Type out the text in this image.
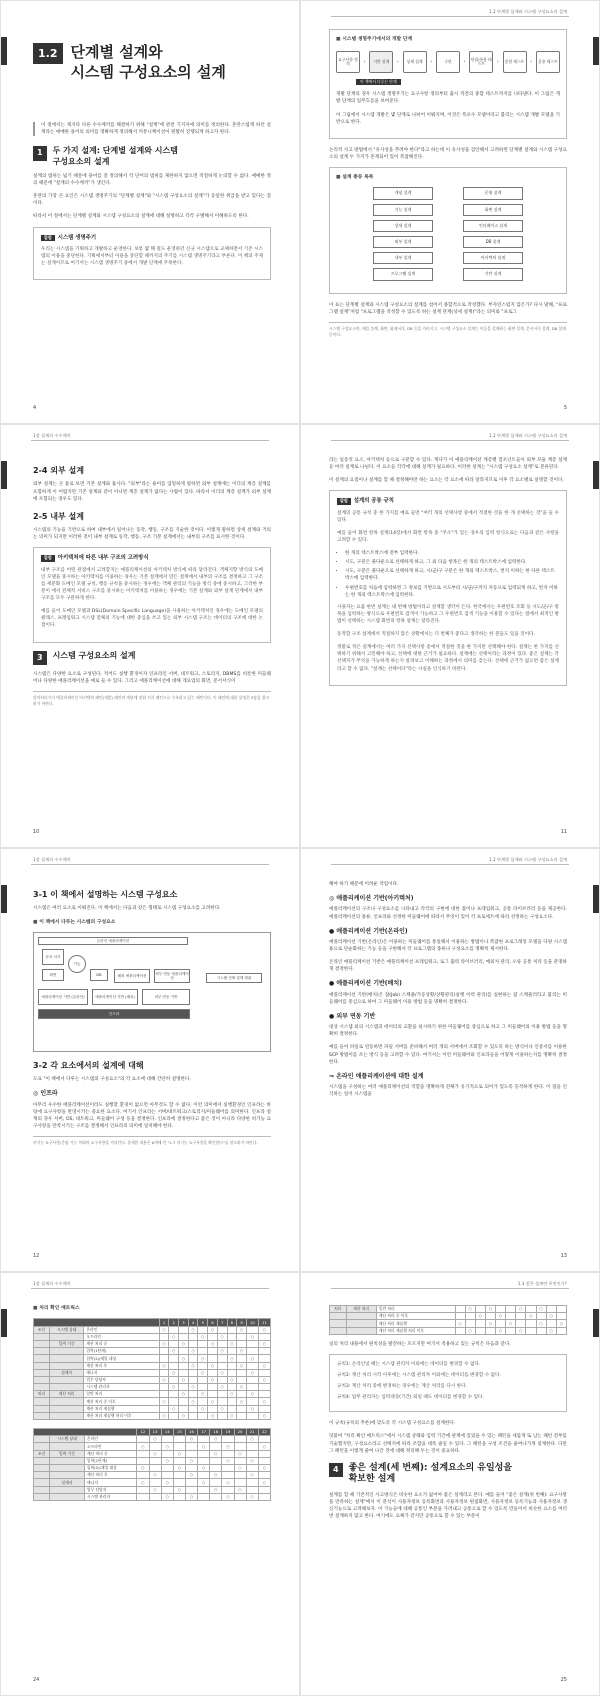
1.2 단계별 설계와
시스템 구성요소의 설계

이 절에서는 제지타 다른 수수께끼를 해결하기 위해 "설계"에 관련 기지자에 의미를 정의한다. 혼란스럽게 하던 설계라는 애매한 용어의 의미를 명확하게 정의해서 커뮤니케이션이 원활히 진행되게 하고자 한다.

1	두 가지 설계: 단계별 설계와 시스템
구성요소의 설계

설계의 범위는 넓기 때문에 용어를 잘 정의해서 각 단어의 범위를 제한하지 않으면 적절하게 논의할 수 없다. 애매한 정의 때문에 "설계의 수수께끼"가 생긴다.

혼란의 가장 큰 요인은 시스템 생명주기의 "단계별 설계"와 "시스템 구성요소의 설계"가 동일한 취급을 받고 있다는 점이다.

따라서 이 절에서는 단계별 설계와 시스템 구성요소의 설계에 대해 설명하고 각각 구별해서 이해하도록 한다.

칼럼 시스템 생명주기

우리는 시스템을 기획하고 개발하고 운영한다. 보통 몇 해 걸도 운영하던 신규 시스템으로 교체하면서 기존 시스템의 이용을 중단한다. 기획에서부터 이용을 중단할 때까지의 주기를 시스템 생명주기라고 부른다. 이 책의 주제는 설계이므로 여기서는 시스템 생명주기 중에서 개발 단계에 주목한다.

4
1.2 단계별 설계와 시스템 구성요소의 설계
■ 시스템 생명주기에서의 개발 단계
요구사항 정의	›	기반 설계	›	상세 설계	›	구현	›	단위/통합 테스트	›	종합 테스트	›	운용 테스트
이 책에서 다루는 단계

개발 단계의 경우 시스템 생명주기는 요구사항 정의부터 출시 직전의 종합 테스트까지를 나타낸다. 이 그림은 개발 단계의 업무흐름을 보여준다.

이 그림에서 시스템 개발은 몇 단계로 나뉘어 이뤄지며, 이것은 폭포수 모델이라고 불리는 시스템 개발 모델을 기반으로 한다.

논리적 사고 방법에서 "유사성을 추려야 한다"라고 하는데 이 유사성을 감안해서 고려하면 단계별 설계와 시스템 구성요소의 설계 두 가지가 혼재되어 있어 복잡해진다.

■ 설계 종류 목록
개념 설계	운영 설계
기능 설계	화면 설계
상세 설계	인터페이스 설계
외부 설계	DB 설계
내부 설계	아키텍처 설계
프로그램 설계	기반 설계

이 표는 단계별 설계와 시스템 구성요소의 설계를 섞어서 종합적으로 작성했다. 부자연스럽지 않은가? 다시 말해, "프로그램 설계"처럼 "프로그램을 작성할 수 있도록 하는 설계 단계(상세 설계)"라는 의미와 "프로그

시스템 구성요소란, 애플 플랫, 화면, 화재서식, DB 등을 가리키고, 시스템 구성요소 설계는 이들을 설계하는 화면 설계, 문서서식 설계, DB 설계 등이다.
5
1장 설계의 수수께끼
2-4 외부 설계

외부 설계는 큰 틀로 보면 기본 설계와 흡사다. "외부"라는 용어를 엄밀하게 말하면 외부 설계에는 이더의 계층 설계를 포함하게 이 어렵지만 기존 설계와 같이 아니면 계층 설계가 없다는 사람이 있다. 따라서 이더의 계층 설계가 외부 설계에 포함되는 경우도 있다.

2-5 내부 설계

시스템의 기능을 기반으로 하여 내부에서 일어나는 동작, 행동, 구조를 기술한 것이다. 이렇게 말하면 상세 설계와 거의는 의미가 되지만 이러한 것이 내부 설계로 동작, 행동, 구조 기본 설계에서는 내부의 구조를 표시한 것이다.

칼럼 아키텍처에 따른 내부 구조의 고려방식

내부 구조를 어떤 관점에서 고려할지는 애플리케이션의 아키텍처 방식에 따라 달라진다. 객체지향 방식의 도메인 모델을 중시하는 아키텍처를 이용하는 경우는 기본 설계에서 만든 설계에서 내부의 구조를 결정하고 그 구조를 세분화 도메인 모델 규칙, 행동 규칙을 중시하는 경우에는 객체 관리의 기능을 방식 중에 중시하고, 그러한 부분이 에서 전체적 서비스 구조를 중시하는 아키텍처를 이용하는 경우에는 기본 설계와 외부 설계 단계에서 내부 구조를 모두 구분하게 한다.

예를 들어 도메인 모델과 DSL(Domain Specific Language)을 사용하는 아키텍처인 경우에는 도메인 모델의 클래스, 프레임워크 시스템 전체의 기능에 대한 중심을 쓰고 있는 외부 시스템 구조는 데이터의 구조에 대한 논점이다.

3	시스템 구성요소의 설계

시스템은 다양한 요소로 구성된다. 적어도 실행 환경이자 인프라인 서버, 네트워크, 스토리지, DBMS를 비롯한 미들웨어나 다양한 애플리케이션을 예로 들 수 있다. 그리고 애플리케이션에 대해 개요업의 화면, 문서서식이

알아차리기가 애플리케이션 아키텍처 패턴(개발) 패턴의 개념에 맞춰 지식 패턴으로 수록되고 있는 패턴이다. 이 패턴에 대한 설명은 5장을 참고하기 바란다.
10
1.2 단계별 설계와 시스템 구성요소의 설계

라는 일송적 요소, 아키텍처 등으로 구분할 수 있다. 게다가 이 애플리케이션 계층별 컴포넌트들이 외부 모듈 계층 설계 등 여러 설계로 나뉜다. 이 요소들 각각에 대해 설계가 필요하다. 이러한 설계는 "시스템 구성요소 설계"로 분류된다.

이 설계의 요점이나 설계를 할 때 결정해야만 하는 요소는 각 요소에 따라 달라지므로 이후 각 요소별로 설명할 것이다.

칼럼 설계의 공통 규칙

설계의 공통 규칙 중 한 가지를 예로 들면 "여러 개의 선택사항 중에서 적절한 것을 한 개 선택하는 것"을 들 수 있다.

예를 들어 화면 항목 설계(14장)에서 화면 항목 중 "주소"가 있는 경우의 입력 항식으로는 다음과 같은 사항을 고려할 수 있다.

• 한 개의 텍스트박스에 전부 입력한다.
• 시도, 구분은 풀다운으로 선택하게 하고, 그 외 다음 항목은 한 개의 텍스트박스에 입력한다.
• 시도, 구분은 풀다운으로 선택하게 하고, 시/군/구 구분은 한 개의 텍스트박스, 번지 이하는 한 다른 텍스트박스에 입력한다.
• 우편번호를 처음에 입력하면 그 정보를 기반으로 시도부터 시/군/구까지 자동으로 입력되게 하고, 번지 이하는 한 개의 텍스트박스에 입력한다.

사용자는 요즘 한번 설계는 내 번째 방법이라고 설계할 생각이 든다. 한국에서는 우편번호 조회 등 시도/군/구 항목을 입력하는 방식으로 우편번호 검색이 가능하고 그 우편번호 검색 기능을 이용할 수 있다는 점에서 최적인 방법이 선택하는 시스템 화면의 항목 설계는 달라진다.

동작할 구조 설계에서 적절하지 않은 상황에서는 더 번째가 좋다고 생각하는 한 분들도 있을 것이다.

정말로 적은 설계에서는 여러 가지 선택사항 중에서 적절한 것을 한 가지만 선택해야 한다. 설계는 한 가지를 선택하기 위해서 고민해야 하고, 선택에 대한 근거가 필요하다. 설계에는 선택이라는 과정이 있다. 좋은 설계는 각 선택지가 무엇을 가능하게 하는지 살펴보고 이해하는 과정에서 의미를 갖는다. 선택에 근거가 없으면 좋은 설계라고 할 수 없다. "설계는 선택이다"라는 사실을 인식하기 바란다.

11
1장 설계의 수수께끼
3-1 이 책에서 설명하는 시스템 구성요소

시스템은 여러 요소로 이뤄진다. 이 책에서는 다음과 같은 형태로 시스템 구성요소를 고려한다.

■ 이 책에서 다루는 시스템의 구성요소
온라인 애플리케이션
문서 서식
화면
기능
DB	배치 애플리케이션
외부 연동 애플리케이션
애플리케이션 기반 (온라인)	애플리케이션 기반 (배치)	외부 연동 기반
인프라
시스템 전체 설계 범위
3-2 각 요소에서의 설계에 대해

도표 "이 책에서 다루는 시스템의 구성요소"의 각 요소에 대해 간단히 설명한다.

◎ 인프라

아무리 우수한 애플리케이션이라도 실행할 환경이 없으면 아무것도 할 수 없다. 이런 의미에서 실행환경인 인프라는 바탕에 요구사항을 반영시키는 중요한 요소다. 여기서 인프라는 서버/네트워크/스토리지/미들웨어를 의미한다. 인프라 설계의 경우 서버, OS, 네트워크, 미들웨어 구성 등을 결정한다. 인프라에 결정한다고 좋은 것이 아니라 다양한 비기능 요구사항을 만족시키는 구조를 결정해서 인프라의 의미에 일치해야 한다.

비기능 요구사항(응답 기능 이외의 요구사항을 가리킨다. 상세한 내용은 6개에 인 "2.7 비기능 요구사항을 확인한다"를 참고하기 바란다.
12
1.2 단계별 설계와 시스템 구성요소의 설계

해야 하기 때문에 어려운 작업이다.

◎ 애플리케이션 기반(아키텍처)

애플리케이션의 구조나 구성요소를 나타내고 각각의 구현에 대한 틀이나 프레임워크, 공통 라이브러리 등을 제공한다. 애플리케이션의 종류, 인프라와 선정한 미들웨어에 따라서 무엇이 있어 각 프로세트에 따라 선정하는 구성요소다.

● 애플리케이션 기반(온라인)

애플리케이션 기반(온라인)은 이용하는 미들웨어를 통일해서 이용하는 방법이나 복잡한 프로그래밍 모델을 다양 시스템용으로 단순화하는 기능 등을 구현해서 각 프로그램의 종류나 구성요소를 명확히 제시한다.

온라인 애플리케이션 기반은 애플리케이션 프레임워크, 로그 출력 라이브러리, 예외처 관리, 오류 공통 처리 등을 분명하게 결정한다.

● 애플리케이션 기반(배치)

애플리케이션 기반(배치)은 잡(Job) 스케줄/가동상황/상황관리(실행 이력 관리)를 실현하는 잡 스케줄러라고 불리는 미들웨어를 중심으로 하여 그 미들웨어 이용 방법 등을 명확히 결정한다.

● 외부 연동 기반

대상 시스템 외의 시스템과 데이터의 교환을 실시하기 위한 미들웨어를 중심으로 하고 그 미들웨어의 이용 방법 등을 명확히 결정한다.

예를 들어 파일로 연동하면 파일 서버를 준비해서 여러 개의 서버에서 조회할 수 있도록 하는 방식이나 인증서를 이용한 SCP 방법이를 조는 방식 등을 고려할 수 있다. 여기서는 이런 미들웨어와 인프라들을 어떻게 이용하는지를 명확히 결정한다.

⇒ 온라인 애플리케이션에 대한 설계

시스템을 구성하는 여러 애플리케이션의 역할을 명확하게 전체가 유기적으로 되어가 있도록 동작하게 한다. 이 점을 인식하는 일이 시스템을

13
1장 설계의 수수께끼
■ 처리 확인 매트릭스
			1	2	3	4	5	6	7	8	9	10	11
조건	시스템 상태	온라인	○			○		○			○		○
		오프라인		○			○		○			○	
	입력 기간	계산 처리 중	○		○			○		○			○
		입력(1단계)		○		○			○		○		
		입력(2)/재입 대상			○		○			○		○	
		계산 처리 후	○			○		○			○		○
	설계자	매니저		○			○		○			○	
		업무 담당자	○		○			○		○			○
		시스템 관리자		○		○			○		○		
처리	계산 처리	일반 처리			○		○			○		○	
		계산 처리 중 이후	○			○		○			○		○
		계산 처리 재실행		○			○		○			○	
		계산 처리 재실행 처리 이후	○		○			○		○			○
			12	13	14	15	16	17	18	19	20	21	22
	시스템 상태	온라인		○			○		○			○	
		오프라인	○		○			○		○			○
조건	입력 기간	계산 처리 중		○		○			○		○		
		입력(1단계)			○		○			○		○	
		입력(2)/재입 대상	○			○		○			○		○
		계산 처리 후		○			○		○			○	
	설계자	매니저	○		○			○		○			○
		업무 담당자		○		○			○		○		
		시스템 관리자			○		○			○		○	
24
1.3 좋은 설계란 무엇인가?
처리	계산 처리	일반 처리		○		○			○		○		
		계산 처리 중 이후			○		○			○		○	
		계산 처리 재실행	○			○		○			○		○
		계산 처리 재실행 처리 이후		○			○		○			○	

일의 처리 내용에서 원칙성을 발견하는 모르지만 여기서 적용하고 있는 규칙은 다음과 같다.

규칙1: 온라인일 때는 시스템 관리자 이외에는 데이터를 변경할 수 없다.

규칙2: 계산 처리 시작 이후에는 시스템 관리자 이외에는 데이터를 변경할 수 없다.

규칙3: 계산 처리 중에 변경하는 경우에는 계산 처리를 다시 한다.

규칙4: 업무 관리자는 입력대상(기간) 외일 때도 데이터를 변경할 수 있다.

이 규칙(규칙의 추론)에 맞도록 각 시스템 구성요소를 설계한다.

덧붙여 "처리 확인 매트릭스"에서 시스템 상태와 입력 기간에 관계에 있었을 수 있는 패턴을 새롭게 또 남는 패턴 전부를 기술했지만, 구성요소라고 선택지에 따라 조합을 대폭 줄일 수 있다. 그 패턴을 구성 조건을 줄여나가게 설계한다. 다만 그 패턴을 이렇게 줄여 나간 것에 대해 정리해 두는 것이 중요하다.

4	좋은 설계(세 번째): 설계요소의 유일성을
확보한 설계

설계를 할 때 기본적인 사고방식은 비슷한 요소가 없어야 좋은 설계라고 본다. 예를 들어 "좋은 설계(첫 번째): 요구사항을 만족하는 설계"에서 이 분석이 사용자정보 등록화면과 사용자정보 편집화면, 사용자정보 등록기능과 사용자정보 갱신기능으로 고려해보자. 이 기능들에 대해 공통인 부분을 가려내고 공통으로 할 수 있도록 만들어서 비슷한 요소를 여러 번 설계하지 않고 한다. 여기에도 요체가 같지만 공통으로 할 수 있는 부분이

25
